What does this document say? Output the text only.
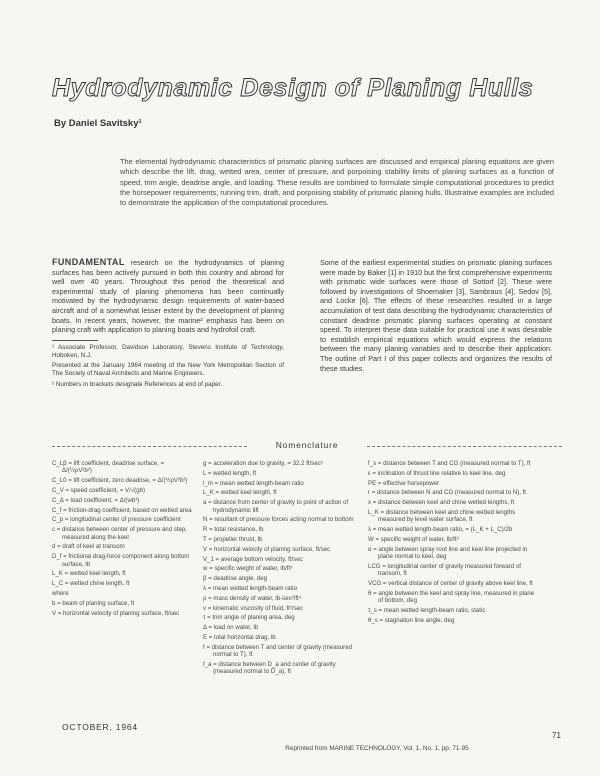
Hydrodynamic Design of Planing Hulls
By Daniel Savitsky¹
The elemental hydrodynamic characteristics of prismatic planing surfaces are discussed and empirical planing equations are given which describe the lift, drag, wetted area, center of pressure, and porpoising stability limits of planing surfaces as a function of speed, trim angle, deadrise angle, and loading. These results are combined to formulate simple computational procedures to predict the horsepower requirements, running trim, draft, and porpoising stability of prismatic planing hulls. Illustrative examples are included to demonstrate the application of the computational procedures.
FUNDAMENTAL research on the hydrodynamics of planing surfaces has been actively pursued in both this country and abroad for well over 40 years. Throughout this period the theoretical and experimental study of planing phenomena has been continually motivated by the hydrodynamic design requirements of water-based aircraft and of a somewhat lesser extent by the development of planing boats. In recent years, however, the marine² emphasis has been on planing craft with application to planing boats and hydrofoil craft.

¹ Associate Professor, Davidson Laboratory, Stevens Institute of Technology, Hoboken, N.J.

Presented at the January 1964 meeting of the New York Metropolitan Section of The Society of Naval Architects and Marine Engineers.

² Numbers in brackets designate References at end of paper.

Some of the earliest experimental studies on prismatic planing surfaces were made by Baker [1] in 1910 but the first comprehensive experiments with prismatic wide surfaces were those of Sottorf [2]. These were followed by investigations of Shoemaker [3], Sambraus [4], Sedov [5], and Locke [6]. The effects of these researches resulted in a large accumulation of test data describing the hydrodynamic characteristics of constant deadrise prismatic planing surfaces operating at constant speed. To interpret these data suitable for practical use it was desirable to establish empirical equations which would express the relations between the many planing variables and to describe their application. The outline of Part I of this paper collects and organizes the results of these studies.
Nomenclature

C_Lβ = lift coefficient, deadrise surface, = Δ/(½ρV²b²)

C_L0 = lift coefficient, zero deadrise, = Δ/(½ρV²b²)

C_V = speed coefficient, = V/√(gb)

C_Δ = load coefficient, = Δ/(wb³)

C_f = friction-drag coefficient, based on wetted area

C_p = longitudinal center of pressure coefficient

c = distance between center of pressure and step, measured along the keel

d = draft of keel at transom

D_f = frictional drag-force component along bottom surface, lb

L_K = wetted keel length, ft

L_C = wetted chine length, ft

where

b = beam of planing surface, ft

V = horizontal velocity of planing surface, ft/sec

g = acceleration due to gravity, = 32.2 ft/sec²

L = wetted length, ft

l_m = mean wetted length-beam ratio

L_K = wetted keel length, ft

a = distance from center of gravity to point of action of hydrodynamic lift

N = resultant of pressure forces acting normal to bottom

R = total resistance, lb

T = propeller thrust, lb

V = horizontal velocity of planing surface, ft/sec

V_1 = average bottom velocity, ft/sec

w = specific weight of water, lb/ft³

β = deadrise angle, deg

λ = mean wetted length-beam ratio

ρ = mass density of water, lb-sec²/ft⁴

ν = kinematic viscosity of fluid, ft²/sec

τ = trim angle of planing area, deg

Δ = load on water, lb

E = total horizontal drag, lb

f = distance between T and center of gravity (measured normal to T), ft

f_a = distance between D_a and center of gravity (measured normal to D_a), ft

f_s = distance between T and CG (measured normal to T), ft

ε = inclination of thrust line relative to keel line, deg

PE = effective horsepower

r = distance between N and CG (measured normal to N), ft

x = distance between keel and chine wetted lengths, ft

L_K = distance between keel and chine wetted lengths measured by level water surface, ft

λ = mean wetted length-beam ratio, = (L_K + L_C)/2b

W = specific weight of water, lb/ft³

α = angle between spray root line and keel line projected in plane normal to keel, deg

LCG = longitudinal center of gravity measured forward of transom, ft

VCG = vertical distance of center of gravity above keel line, ft

θ = angle between the keel and spray line, measured in plane of bottom, deg

τ_s = mean wetted length-beam ratio, static

θ_s = stagnation line angle, deg

OCTOBER, 1964
71
Reprinted from MARINE TECHNOLOGY, Vol. 1, No. 1, pp. 71-95
